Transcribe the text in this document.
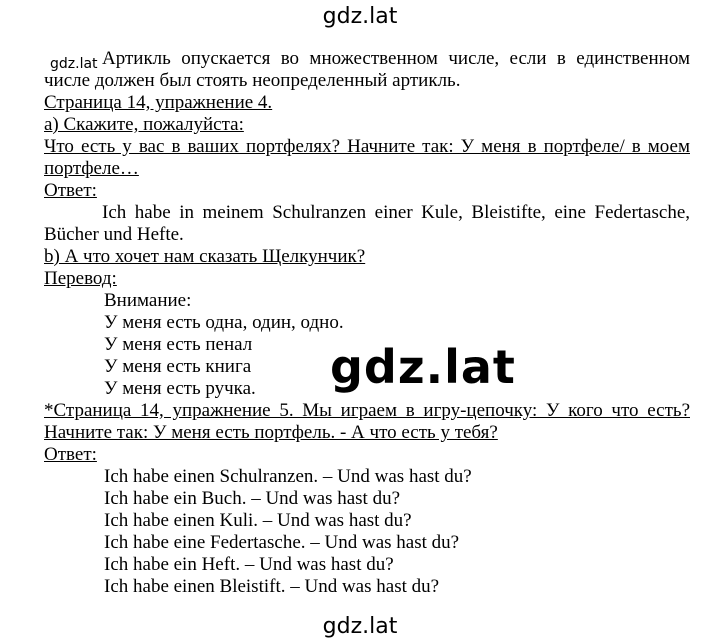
gdz.lat
gdz.lat Артикль опускается во множественном числе, если в единственном
числе должен был стоять неопределенный артикль.
Страница 14, упражнение 4.
a) Скажите, пожалуйста:
Что есть у вас в ваших портфелях? Начните так: У меня в портфеле/ в моем
портфеле…
Ответ:
Ich habe in meinem Schulranzen einer Kule, Bleistifte, eine Federtasche,
Bücher und Hefte.
b) А что хочет нам сказать Щелкунчик?
Перевод:
Внимание:
У меня есть одна, один, одно.
У меня есть пенал
У меня есть книга
У меня есть ручка.
*Страница 14, упражнение 5. Мы играем в игру-цепочку: У кого что есть?
Начните так: У меня есть портфель. - А что есть у тебя?
Ответ:
Ich habe einen Schulranzen. – Und was hast du?
Ich habe ein Buch. – Und was hast du?
Ich habe einen Kuli. – Und was hast du?
Ich habe eine Federtasche. – Und was hast du?
Ich habe ein Heft. – Und was hast du?
Ich habe einen Bleistift. – Und was hast du?
gdz.lat
gdz.lat
